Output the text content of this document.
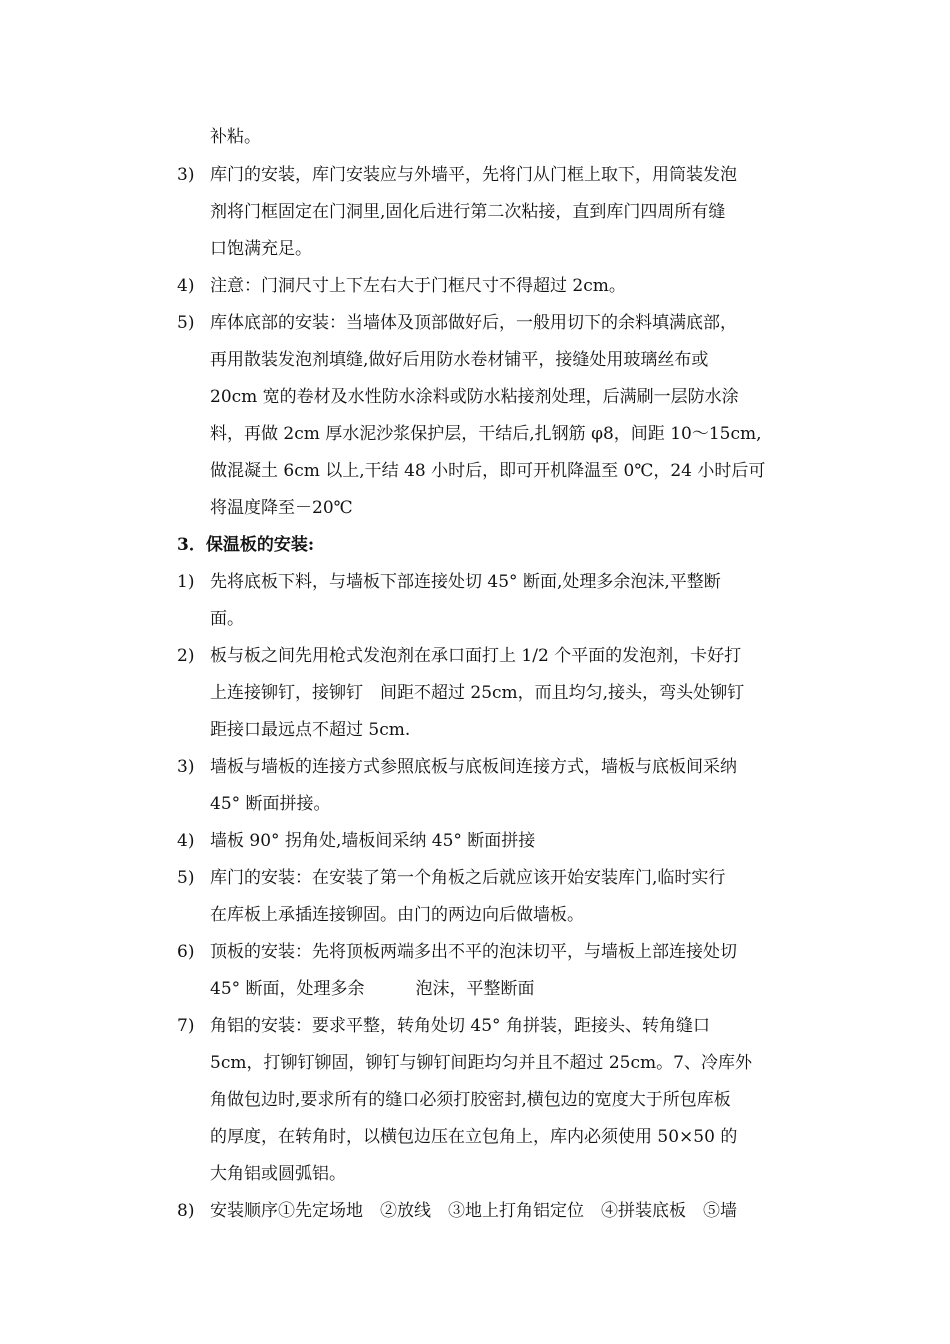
补粘。
3) 库门的安装，库门安装应与外墙平，先将门从门框上取下，用筒装发泡
剂将门框固定在门洞里,固化后进行第二次粘接，直到库门四周所有缝
口饱满充足。
4) 注意：门洞尺寸上下左右大于门框尺寸不得超过 2cm。
5) 库体底部的安装：当墙体及顶部做好后，一般用切下的余料填满底部，
再用散装发泡剂填缝,做好后用防水卷材铺平，接缝处用玻璃丝布或
20cm 宽的卷材及水性防水涂料或防水粘接剂处理，后满刷一层防水涂
料，再做 2cm 厚水泥沙浆保护层，干结后,扎钢筋 φ8，间距 10～15cm,
做混凝土 6cm 以上,干结 48 小时后，即可开机降温至 0℃，24 小时后可
将温度降至－20℃
3．保温板的安装:
1) 先将底板下料，与墙板下部连接处切 45° 断面,处理多余泡沫,平整断
面。
2) 板与板之间先用枪式发泡剂在承口面打上 1/2 个平面的发泡剂，卡好打
上连接铆钉，接铆钉　间距不超过 25cm，而且均匀,接头，弯头处铆钉
距接口最远点不超过 5cm.
3) 墙板与墙板的连接方式参照底板与底板间连接方式，墙板与底板间采纳
45° 断面拼接。
4) 墙板 90° 拐角处,墙板间采纳 45° 断面拼接
5) 库门的安装：在安装了第一个角板之后就应该开始安装库门,临时实行
在库板上承插连接铆固。由门的两边向后做墙板。
6) 顶板的安装：先将顶板两端多出不平的泡沫切平，与墙板上部连接处切
45° 断面，处理多余　　　泡沫，平整断面
7) 角铝的安装：要求平整，转角处切 45° 角拼装，距接头、转角缝口
5cm，打铆钉铆固，铆钉与铆钉间距均匀并且不超过 25cm。7、冷库外
角做包边时,要求所有的缝口必须打胶密封,横包边的宽度大于所包库板
的厚度，在转角时，以横包边压在立包角上，库内必须使用 50×50 的
大角铝或圆弧铝。
8) 安装顺序①先定场地　②放线　③地上打角铝定位　④拼装底板　⑤墙
